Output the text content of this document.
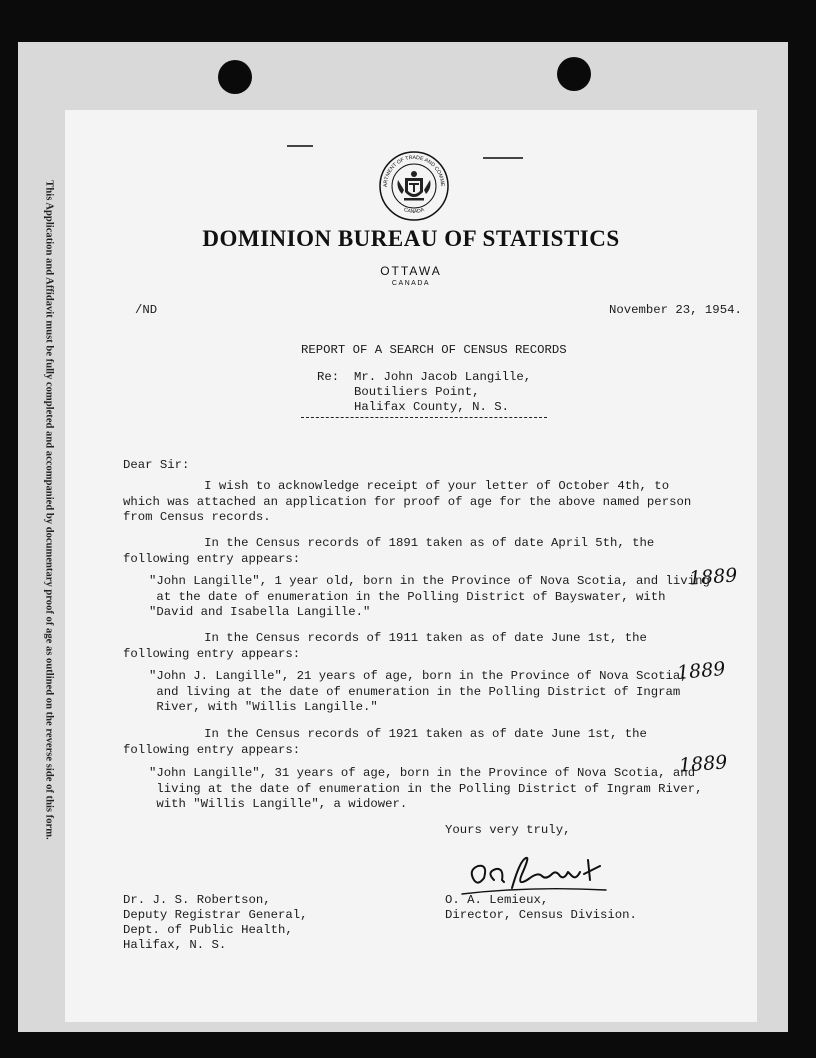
This Application and Affidavit must be fully completed and accompanied by documentary proof of age as outlined on the reverse side of this form.	ARTMENT OF TRADE AND COMME
CANADA
DOMINION BUREAU OF STATISTICS
OTTAWA
CANADA
/ND	November 23, 1954.
REPORT OF A SEARCH OF CENSUS RECORDS
Re: Mr. John Jacob Langille,
Boutiliers Point,
Halifax County, N. S.
Dear Sir:
I wish to acknowledge receipt of your letter of October 4th, to
which was attached an application for proof of age for the above named person
from Census records.
In the Census records of 1891 taken as of date April 5th, the
following entry appears:
"John Langille", 1 year old, born in the Province of Nova Scotia, and living
at the date of enumeration in the Polling District of Bayswater, with
"David and Isabella Langille."
1889
In the Census records of 1911 taken as of date June 1st, the
following entry appears:
"John J. Langille", 21 years of age, born in the Province of Nova Scotia,
and living at the date of enumeration in the Polling District of Ingram
River, with "Willis Langille."
1889
In the Census records of 1921 taken as of date June 1st, the
following entry appears:
"John Langille", 31 years of age, born in the Province of Nova Scotia, and
living at the date of enumeration in the Polling District of Ingram River,
with "Willis Langille", a widower.
1889
Yours very truly,
O. A. Lemieux,
Director, Census Division.
Dr. J. S. Robertson,
Deputy Registrar General,
Dept. of Public Health,
Halifax, N. S.
